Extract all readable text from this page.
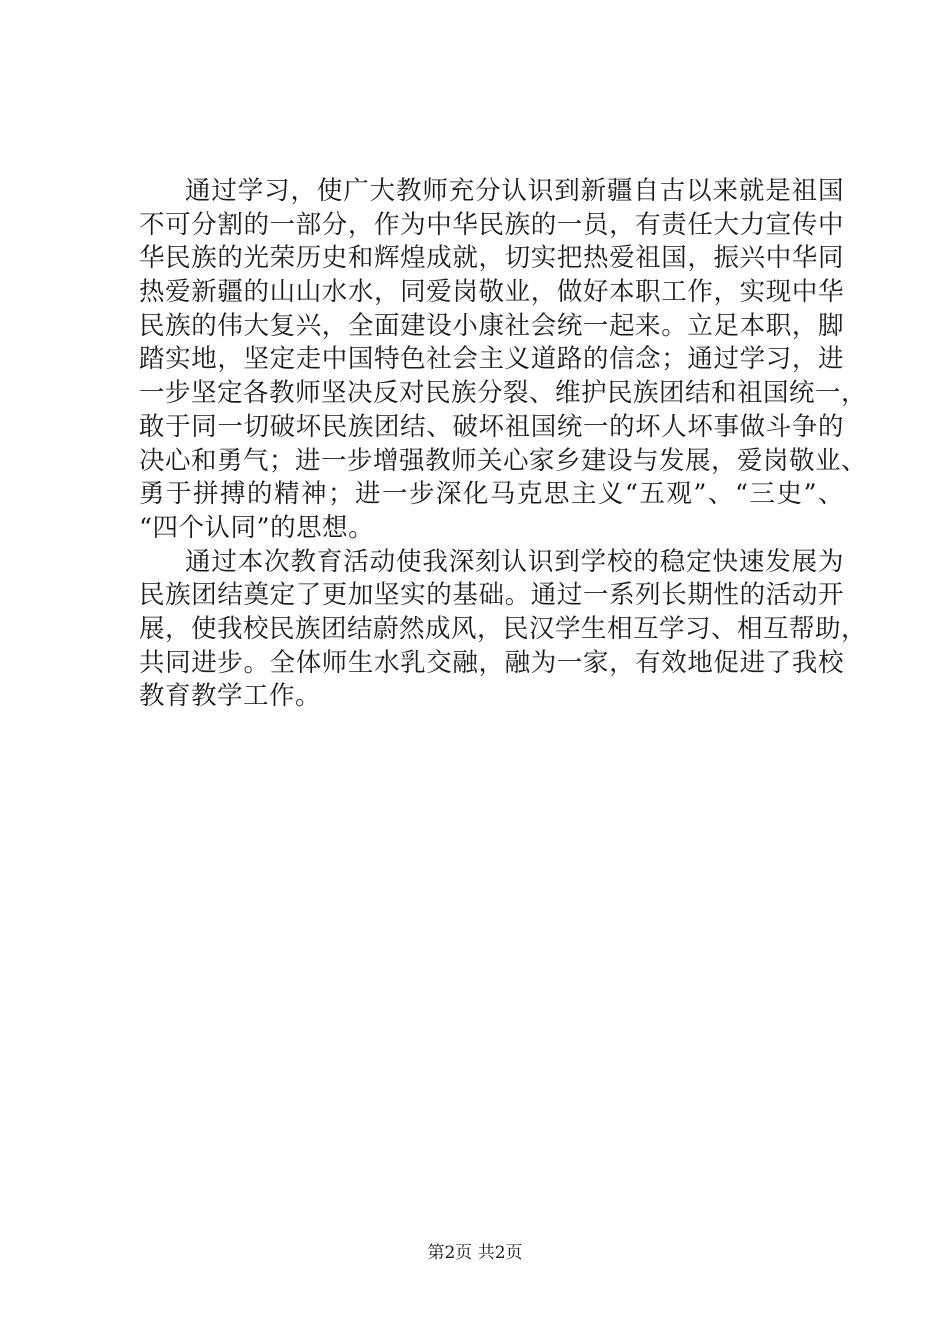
通过学习，使广大教师充分认识到新疆自古以来就是祖国
不可分割的一部分，作为中华民族的一员，有责任大力宣传中
华民族的光荣历史和辉煌成就，切实把热爱祖国，振兴中华同
热爱新疆的山山水水，同爱岗敬业，做好本职工作，实现中华
民族的伟大复兴，全面建设小康社会统一起来。立足本职，脚
踏实地，坚定走中国特色社会主义道路的信念；通过学习，进
一步坚定各教师坚决反对民族分裂、维护民族团结和祖国统一，
敢于同一切破坏民族团结、破坏祖国统一的坏人坏事做斗争的
决心和勇气；进一步增强教师关心家乡建设与发展，爱岗敬业、
勇于拼搏的精神；进一步深化马克思主义“五观”、“三史”、
“四个认同”的思想。
通过本次教育活动使我深刻认识到学校的稳定快速发展为
民族团结奠定了更加坚实的基础。通过一系列长期性的活动开
展，使我校民族团结蔚然成风，民汉学生相互学习、相互帮助，
共同进步。全体师生水乳交融，融为一家，有效地促进了我校
教育教学工作。
第2页 共2页
